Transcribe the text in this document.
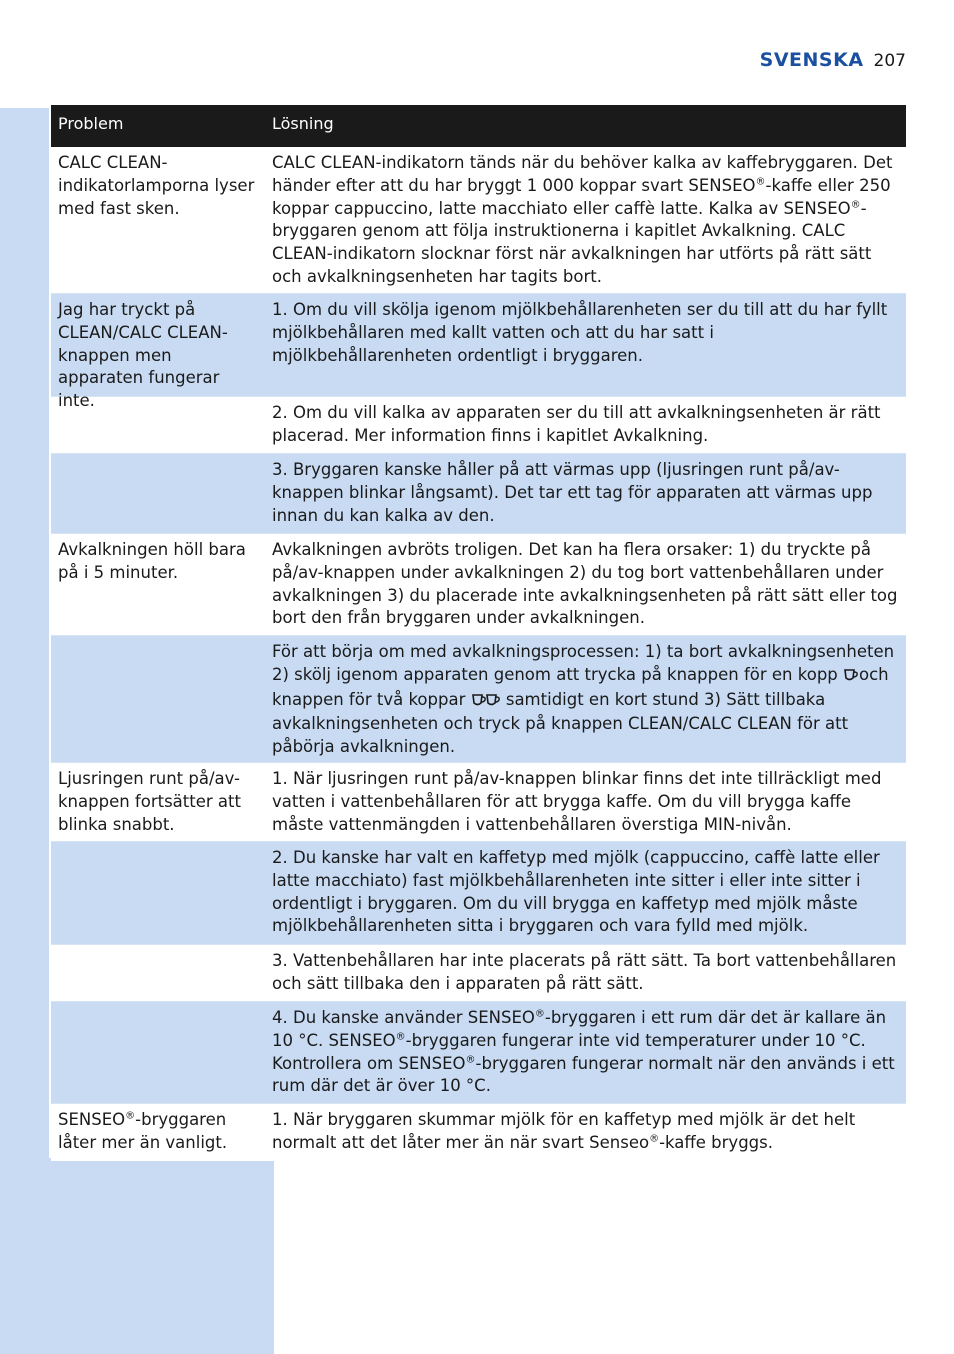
SVENSKA 207
Problem	Lösning
CALC CLEAN-indikatorlamporna lyser med fast sken.
CALC CLEAN-indikatorn tänds när du behöver kalka av kaffebryggaren. Det händer efter att du har bryggt 1 000 koppar svart SENSEO®-kaffe eller 250 koppar cappuccino, latte macchiato eller caffè latte. Kalka av SENSEO®-bryggaren genom att följa instruktionerna i kapitlet Avkalkning. CALC CLEAN-indikatorn slocknar först när avkalkningen har utförts på rätt sätt och avkalkningsenheten har tagits bort.
Jag har tryckt på CLEAN/CALC CLEAN-knappen men apparaten fungerar inte.
1. Om du vill skölja igenom mjölkbehållarenheten ser du till att du har fyllt mjölkbehållaren med kallt vatten och att du har satt i mjölkbehållarenheten ordentligt i bryggaren.
2. Om du vill kalka av apparaten ser du till att avkalkningsenheten är rätt placerad. Mer information finns i kapitlet Avkalkning.
3. Bryggaren kanske håller på att värmas upp (ljusringen runt på/av-knappen blinkar långsamt). Det tar ett tag för apparaten att värmas upp innan du kan kalka av den.
Avkalkningen höll bara på i 5 minuter.
Avkalkningen avbröts troligen. Det kan ha flera orsaker: 1) du tryckte på på/av-knappen under avkalkningen 2) du tog bort vattenbehållaren under avkalkningen 3) du placerade inte avkalkningsenheten på rätt sätt eller tog bort den från bryggaren under avkalkningen.
För att börja om med avkalkningsprocessen: 1) ta bort avkalkningsenheten 2) skölj igenom apparaten genom att trycka på knappen för en kopp och knappen för två koppar  samtidigt en kort stund 3) Sätt tillbaka avkalkningsenheten och tryck på knappen CLEAN/CALC CLEAN för att påbörja avkalkningen.
Ljusringen runt på/av-knappen fortsätter att blinka snabbt.
1. När ljusringen runt på/av-knappen blinkar finns det inte tillräckligt med vatten i vattenbehållaren för att brygga kaffe. Om du vill brygga kaffe måste vattenmängden i vattenbehållaren överstiga MIN-nivån.
2. Du kanske har valt en kaffetyp med mjölk (cappuccino, caffè latte eller latte macchiato) fast mjölkbehållarenheten inte sitter i eller inte sitter i ordentligt i bryggaren. Om du vill brygga en kaffetyp med mjölk måste mjölkbehållarenheten sitta i bryggaren och vara fylld med mjölk.
3. Vattenbehållaren har inte placerats på rätt sätt. Ta bort vattenbehållaren och sätt tillbaka den i apparaten på rätt sätt.
4. Du kanske använder SENSEO®-bryggaren i ett rum där det är kallare än 10 °C. SENSEO®-bryggaren fungerar inte vid temperaturer under 10 °C. Kontrollera om SENSEO®-bryggaren fungerar normalt när den används i ett rum där det är över 10 °C.
SENSEO®-bryggaren låter mer än vanligt.
1. När bryggaren skummar mjölk för en kaffetyp med mjölk är det helt normalt att det låter mer än när svart Senseo®-kaffe bryggs.
